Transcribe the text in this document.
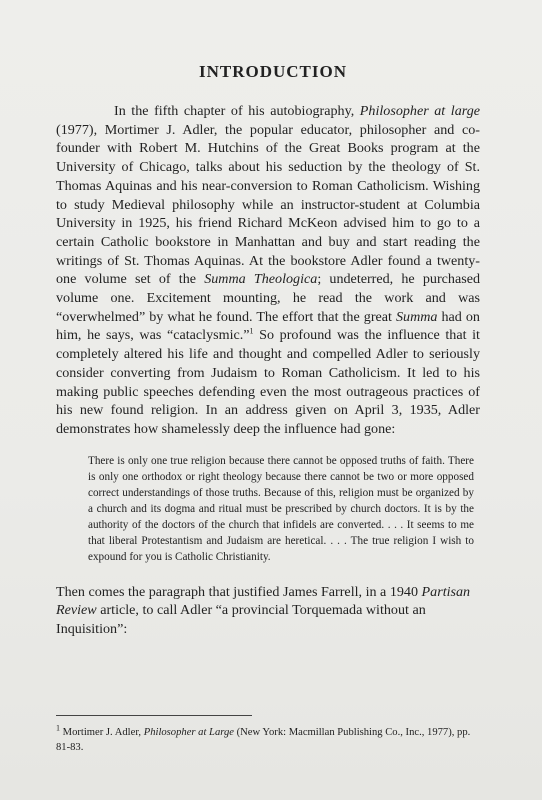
INTRODUCTION

In the fifth chapter of his autobiography, Philosopher at large (1977), Mortimer J. Adler, the popular educator, philosopher and co-founder with Robert M. Hutchins of the Great Books program at the University of Chicago, talks about his seduction by the theology of St. Thomas Aquinas and his near-conversion to Roman Catholicism. Wishing to study Medieval philosophy while an instructor-student at Columbia University in 1925, his friend Richard McKeon advised him to go to a certain Catholic bookstore in Manhattan and buy and start reading the writings of St. Thomas Aquinas. At the bookstore Adler found a twenty-one volume set of the Summa Theologica; undeterred, he purchased volume one. Excitement mounting, he read the work and was “overwhelmed” by what he found. The effort that the great Summa had on him, he says, was “cataclysmic.”$^1$ So profound was the influence that it completely altered his life and thought and compelled Adler to seriously consider converting from Judaism to Roman Catholicism. It led to his making public speeches defending even the most outrageous practices of his new found religion. In an address given on April 3, 1935, Adler demonstrates how shamelessly deep the influence had gone:

There is only one true religion because there cannot be opposed truths of faith. There is only one orthodox or right theology because there cannot be two or more opposed correct understandings of those truths. Because of this, religion must be organized by a church and its dogma and ritual must be prescribed by church doctors. It is by the authority of the doctors of the church that infidels are converted. . . . It seems to me that liberal Protestantism and Judaism are heretical. . . . The true religion I wish to expound for you is Catholic Christianity.

Then comes the paragraph that justified James Farrell, in a 1940 Partisan Review article, to call Adler “a provincial Torquemada without an Inquisition”:

$^1$ Mortimer J. Adler, Philosopher at Large (New York: Macmillan Publishing Co., Inc., 1977), pp. 81-83.
